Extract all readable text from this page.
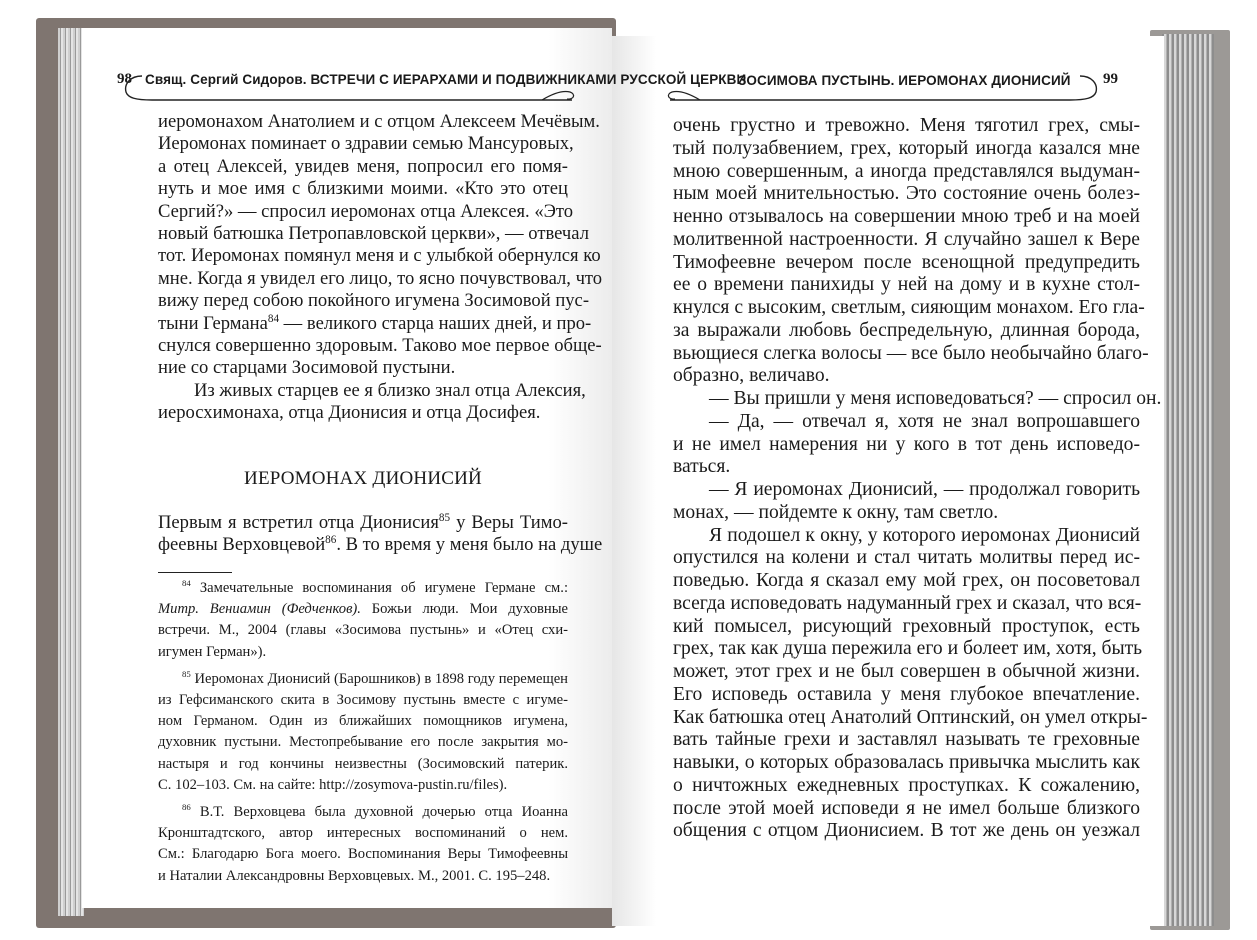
98 Свящ. Сергий Сидоров. ВСТРЕЧИ С ИЕРАРХАМИ И ПОДВИЖНИКАМИ РУССКОЙ ЦЕРКВИ
ЗОСИМОВА ПУСТЫНЬ. ИЕРОМОНАХ ДИОНИСИЙ 99
иеромонахом Анатолием и с отцом Алексеем Мечёвым.
Иеромонах поминает о здравии семью Мансуровых,
а отец Алексей, увидев меня, попросил его помя-
нуть и мое имя с близкими моими. «Кто это отец
Сергий?» — спросил иеромонах отца Алексея. «Это
новый батюшка Петропавловской церкви», — отвечал
тот. Иеромонах помянул меня и с улыбкой обернулся ко
мне. Когда я увидел его лицо, то ясно почувствовал, что
вижу перед собою покойного игумена Зосимовой пус-
тыни Германа$^{84}$ — великого старца наших дней, и про-
снулся совершенно здоровым. Таково мое первое обще-
ние со старцами Зосимовой пустыни.
Из живых старцев ее я близко знал отца Алексия,
иеросхимонаха, отца Дионисия и отца Досифея.
ИЕРОМОНАХ ДИОНИСИЙ
Первым я встретил отца Дионисия$^{85}$ у Веры Тимо-
феевны Верховцевой$^{86}$. В то время у меня было на душе
$^{84}$ Замечательные воспоминания об игумене Германе см.:
Митр. Вениамин (Федченков). Божьи люди. Мои духовные
встречи. М., 2004 (главы «Зосимова пустынь» и «Отец схи-
игумен Герман»).
$^{85}$ Иеромонах Дионисий (Барошников) в 1898 году перемещен
из Гефсиманского скита в Зосимову пустынь вместе с игуме-
ном Германом. Один из ближайших помощников игумена,
духовник пустыни. Местопребывание его после закрытия мо-
настыря и год кончины неизвестны (Зосимовский патерик.
С. 102–103. См. на сайте: http://zosymova-pustin.ru/files).
$^{86}$ В.Т. Верховцева была духовной дочерью отца Иоанна
Кронштадтского, автор интересных воспоминаний о нем.
См.: Благодарю Бога моего. Воспоминания Веры Тимофеевны
и Наталии Александровны Верховцевых. М., 2001. С. 195–248.
очень грустно и тревожно. Меня тяготил грех, смы-
тый полузабвением, грех, который иногда казался мне
мною совершенным, а иногда представлялся выдуман-
ным моей мнительностью. Это состояние очень болез-
ненно отзывалось на совершении мною треб и на моей
молитвенной настроенности. Я случайно зашел к Вере
Тимофеевне вечером после всенощной предупредить
ее о времени панихиды у ней на дому и в кухне стол-
кнулся с высоким, светлым, сияющим монахом. Его гла-
за выражали любовь беспредельную, длинная борода,
вьющиеся слегка волосы — все было необычайно благо-
образно, величаво.
— Вы пришли у меня исповедоваться? — спросил он.
— Да, — отвечал я, хотя не знал вопрошавшего
и не имел намерения ни у кого в тот день исповедо-
ваться.
— Я иеромонах Дионисий, — продолжал говорить
монах, — пойдемте к окну, там светло.
Я подошел к окну, у которого иеромонах Дионисий
опустился на колени и стал читать молитвы перед ис-
поведью. Когда я сказал ему мой грех, он посоветовал
всегда исповедовать надуманный грех и сказал, что вся-
кий помысел, рисующий греховный проступок, есть
грех, так как душа пережила его и болеет им, хотя, быть
может, этот грех и не был совершен в обычной жизни.
Его исповедь оставила у меня глубокое впечатление.
Как батюшка отец Анатолий Оптинский, он умел откры-
вать тайные грехи и заставлял называть те греховные
навыки, о которых образовалась привычка мыслить как
о ничтожных ежедневных проступках. К сожалению,
после этой моей исповеди я не имел больше близкого
общения с отцом Дионисием. В тот же день он уезжал
